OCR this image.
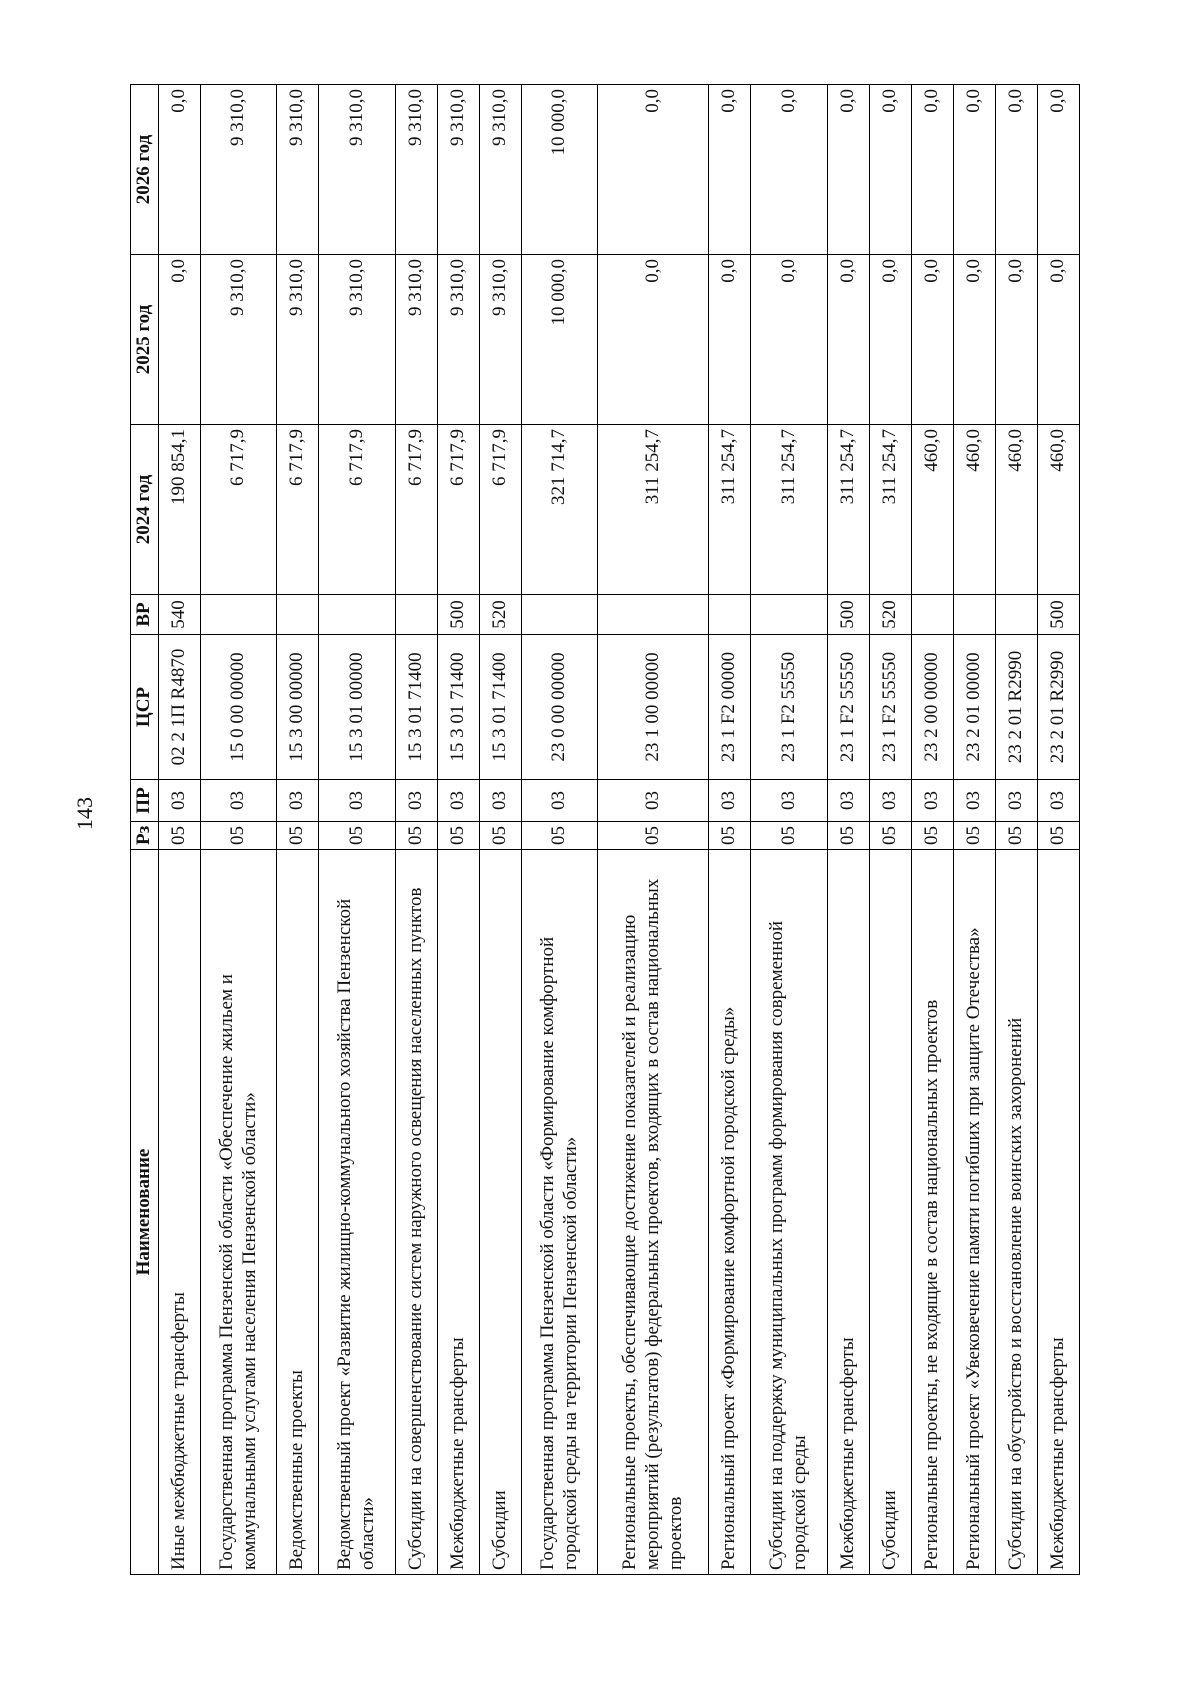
143
Наименование	Рз	ПР	ЦСР	ВР	2024 год	2025 год	2026 год
Иные межбюджетные трансферты	05	03	02 2 1П R4870	540	190 854,1	0,0	0,0
Государственная программа Пензенской области «Обеспечение жильем и коммунальными услугами населения Пензенской области»	05	03	15 0 00 00000		6 717,9	9 310,0	9 310,0
Ведомственные проекты	05	03	15 3 00 00000		6 717,9	9 310,0	9 310,0
Ведомственный проект «Развитие жилищно-коммунального хозяйства Пензенской области»	05	03	15 3 01 00000		6 717,9	9 310,0	9 310,0
Субсидии на совершенствование систем наружного освещения населенных пунктов	05	03	15 3 01 71400		6 717,9	9 310,0	9 310,0
Межбюджетные трансферты	05	03	15 3 01 71400	500	6 717,9	9 310,0	9 310,0
Субсидии	05	03	15 3 01 71400	520	6 717,9	9 310,0	9 310,0
Государственная программа Пензенской области «Формирование комфортной городской среды на территории Пензенской области»	05	03	23 0 00 00000		321 714,7	10 000,0	10 000,0
Региональные проекты, обеспечивающие достижение показателей и реализацию мероприятий (результатов) федеральных проектов, входящих в состав национальных проектов	05	03	23 1 00 00000		311 254,7	0,0	0,0
Региональный проект «Формирование комфортной городской среды»	05	03	23 1 F2 00000		311 254,7	0,0	0,0
Субсидии на поддержку муниципальных программ формирования современной городской среды	05	03	23 1 F2 55550		311 254,7	0,0	0,0
Межбюджетные трансферты	05	03	23 1 F2 55550	500	311 254,7	0,0	0,0
Субсидии	05	03	23 1 F2 55550	520	311 254,7	0,0	0,0
Региональные проекты, не входящие в состав национальных проектов	05	03	23 2 00 00000		460,0	0,0	0,0
Региональный проект «Увековечение памяти погибших при защите Отечества»	05	03	23 2 01 00000		460,0	0,0	0,0
Субсидии на обустройство и восстановление воинских захоронений	05	03	23 2 01 R2990		460,0	0,0	0,0
Межбюджетные трансферты	05	03	23 2 01 R2990	500	460,0	0,0	0,0
